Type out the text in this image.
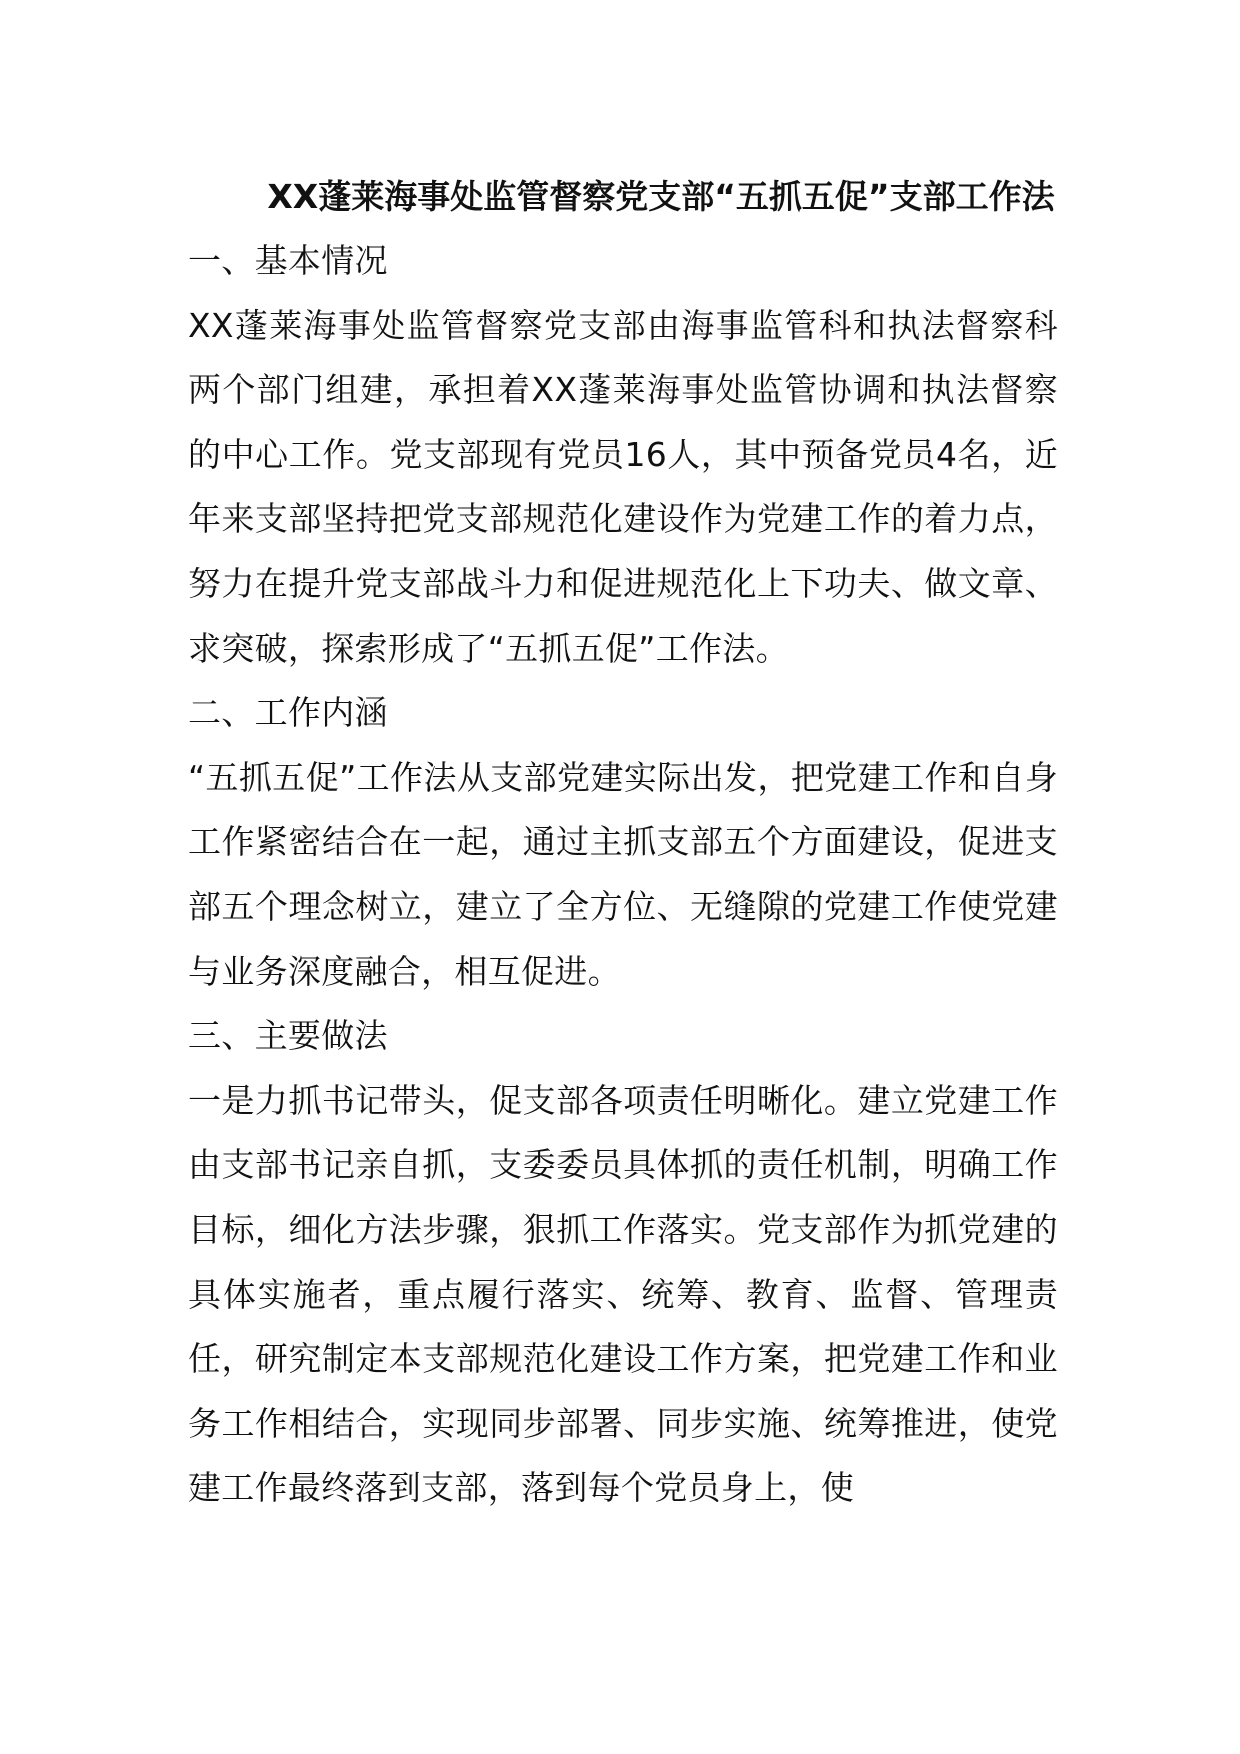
XX蓬莱海事处监管督察党支部“五抓五促”支部工作法
一、基本情况

XX蓬莱海事处监管督察党支部由海事监管科和执法督察科两个部门组建，承担着XX蓬莱海事处监管协调和执法督察的中心工作。党支部现有党员16人，其中预备党员4名，近年来支部坚持把党支部规范化建设作为党建工作的着力点，努力在提升党支部战斗力和促进规范化上下功夫、做文章、求突破，探索形成了“五抓五促”工作法。

二、工作内涵

“五抓五促”工作法从支部党建实际出发，把党建工作和自身工作紧密结合在一起，通过主抓支部五个方面建设，促进支部五个理念树立，建立了全方位、无缝隙的党建工作使党建与业务深度融合，相互促进。

三、主要做法

一是力抓书记带头，促支部各项责任明晰化。建立党建工作由支部书记亲自抓，支委委员具体抓的责任机制，明确工作目标，细化方法步骤，狠抓工作落实。党支部作为抓党建的具体实施者，重点履行落实、统筹、教育、监督、管理责任，研究制定本支部规范化建设工作方案，把党建工作和业务工作相结合，实现同步部署、同步实施、统筹推进，使党建工作最终落到支部，落到每个党员身上，使
